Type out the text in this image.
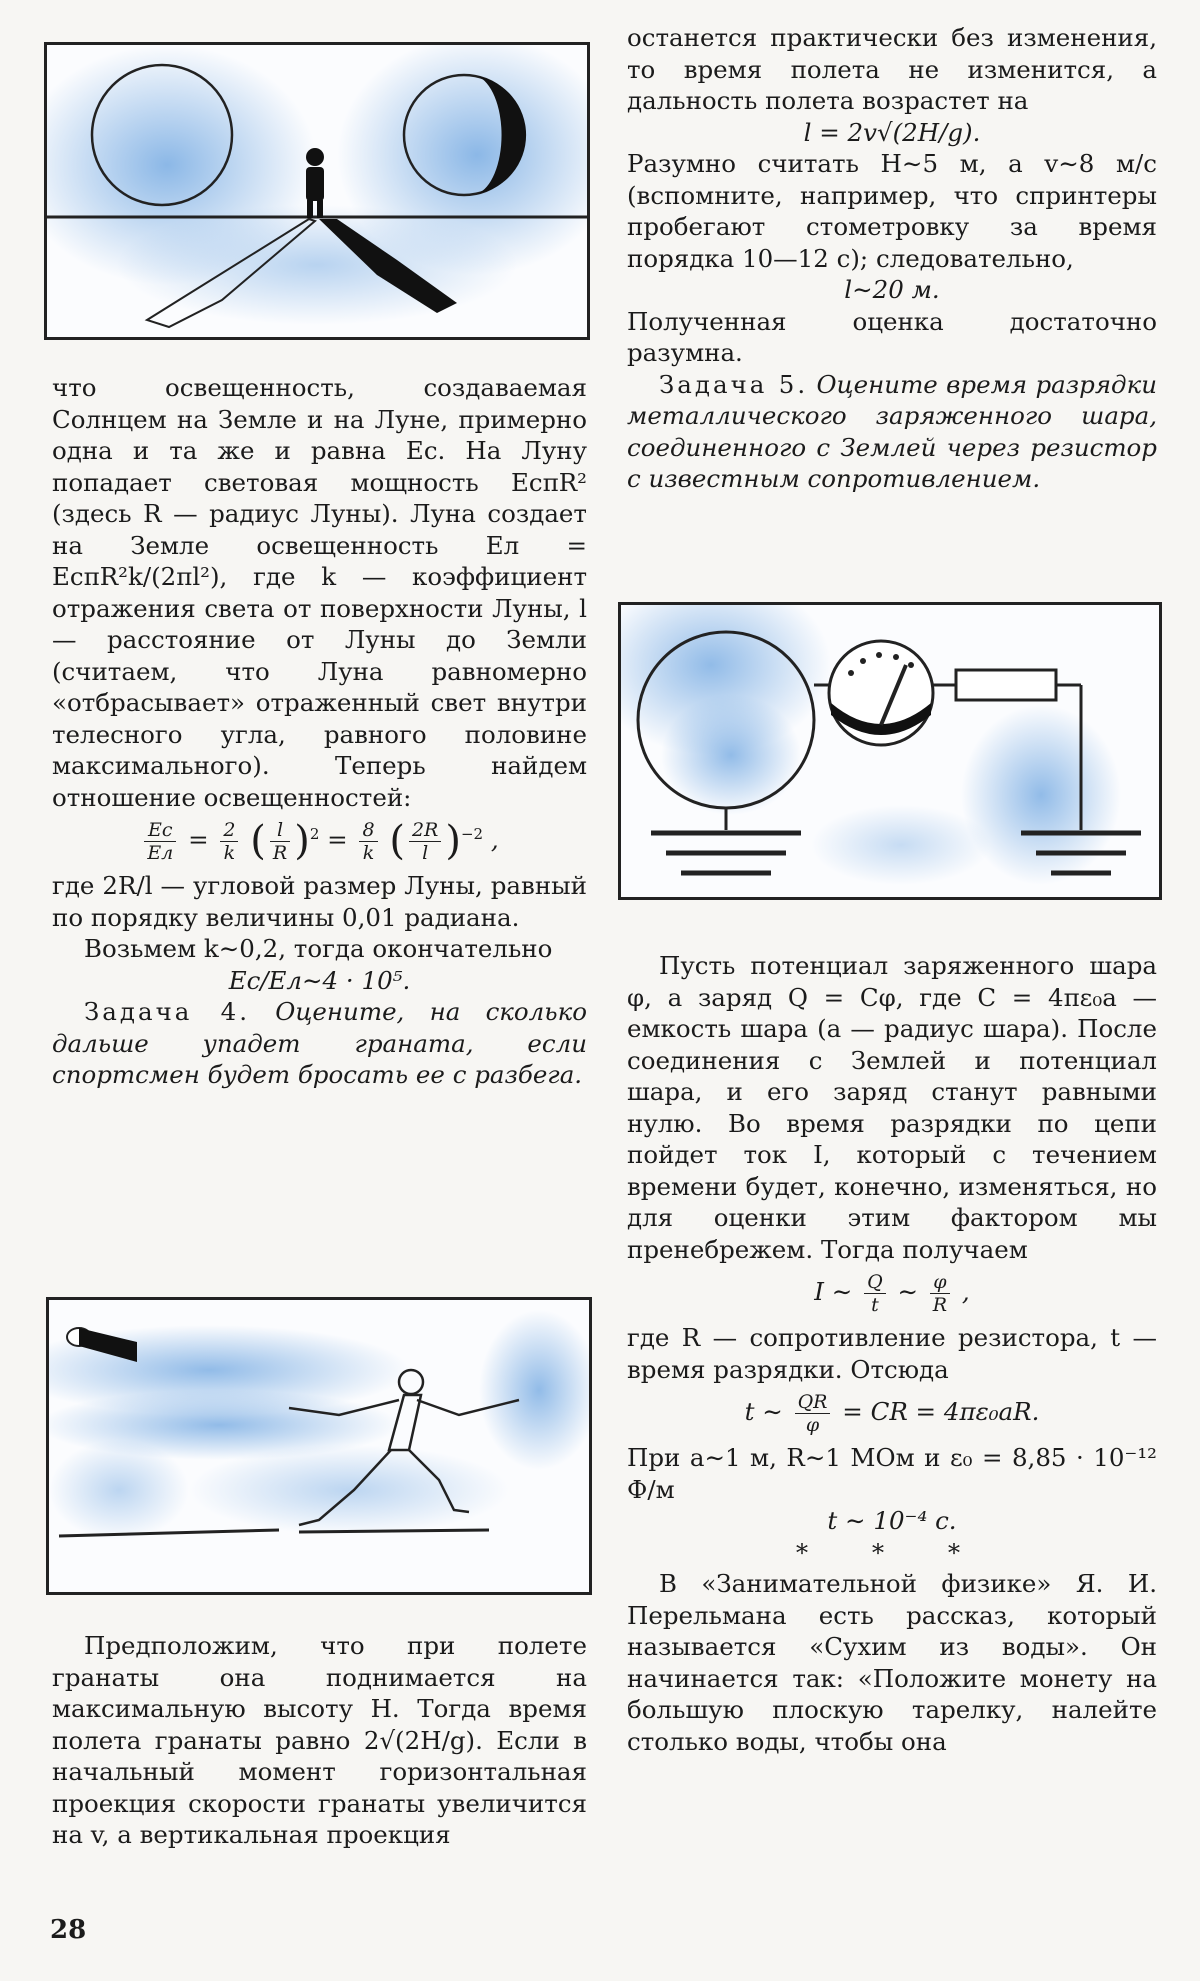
что освещенность, создаваемая Солнцем на Земле и на Луне, примерно одна и та же и равна Eс. На Луну попадает световая мощность EсπR² (здесь R — радиус Луны). Луна создает на Земле освещенность Eл = EсπR²k/(2πl²), где k — коэффициент отражения света от поверхности Луны, l — расстояние от Луны до Земли (считаем, что Луна равномерно «отбрасывает» отраженный свет внутри телесного угла, равного половине максимального). Теперь найдем отношение освещенностей:

$\frac{Eс}{Eл} = \frac{2}{k}$ ( $\frac{l}{R} )^2 = \frac{8}{k}$ ( $\frac{2R}{l} )^{-2}$ ,

где 2R/l — угловой размер Луны, равный по порядку величины 0,01 радиана.

Возьмем k∼0,2, тогда окончательно

Eс/Eл∼4 · 10⁵.

Задача 4. Оцените, на сколько дальше упадет граната, если спортсмен будет бросать ее с разбега.

Предположим, что при полете гранаты она поднимается на максимальную высоту H. Тогда время полета гранаты равно 2√(2H/g). Если в начальный момент горизонтальная проекция скорости гранаты увеличится на v, а вертикальная проекция

останется практически без изменения, то время полета не изменится, а дальность полета возрастет на

l = 2v√(2H/g).

Разумно считать H∼5 м, а v∼8 м/с (вспомните, например, что спринтеры пробегают стометровку за время порядка 10—12 с); следовательно,

l∼20 м.

Полученная оценка достаточно разумна.

Задача 5. Оцените время разрядки металлического заряженного шара, соединенного с Землей через резистор с известным сопротивлением.

Пусть потенциал заряженного шара φ, а заряд Q = Cφ, где C = 4πε₀a — емкость шара (a — радиус шара). После соединения с Землей и потенциал шара, и его заряд станут равными нулю. Во время разрядки по цепи пойдет ток I, который с течением времени будет, конечно, изменяться, но для оценки этим фактором мы пренебрежем. Тогда получаем

I ∼ $\frac{Q}{t}$ ∼ $\frac{\varphi}{R}$ ,

где R — сопротивление резистора, t — время разрядки. Отсюда

t ∼ $\frac{QR}{\varphi}$ = CR = 4πε₀aR.

При a∼1 м, R∼1 МОм и ε₀ = 8,85 · 10⁻¹² Ф/м

t ∼ 10⁻⁴ с.

* * *

В «Занимательной физике» Я. И. Перельмана есть рассказ, который называется «Сухим из воды». Он начинается так: «Положите монету на большую плоскую тарелку, налейте столько воды, чтобы она

28
